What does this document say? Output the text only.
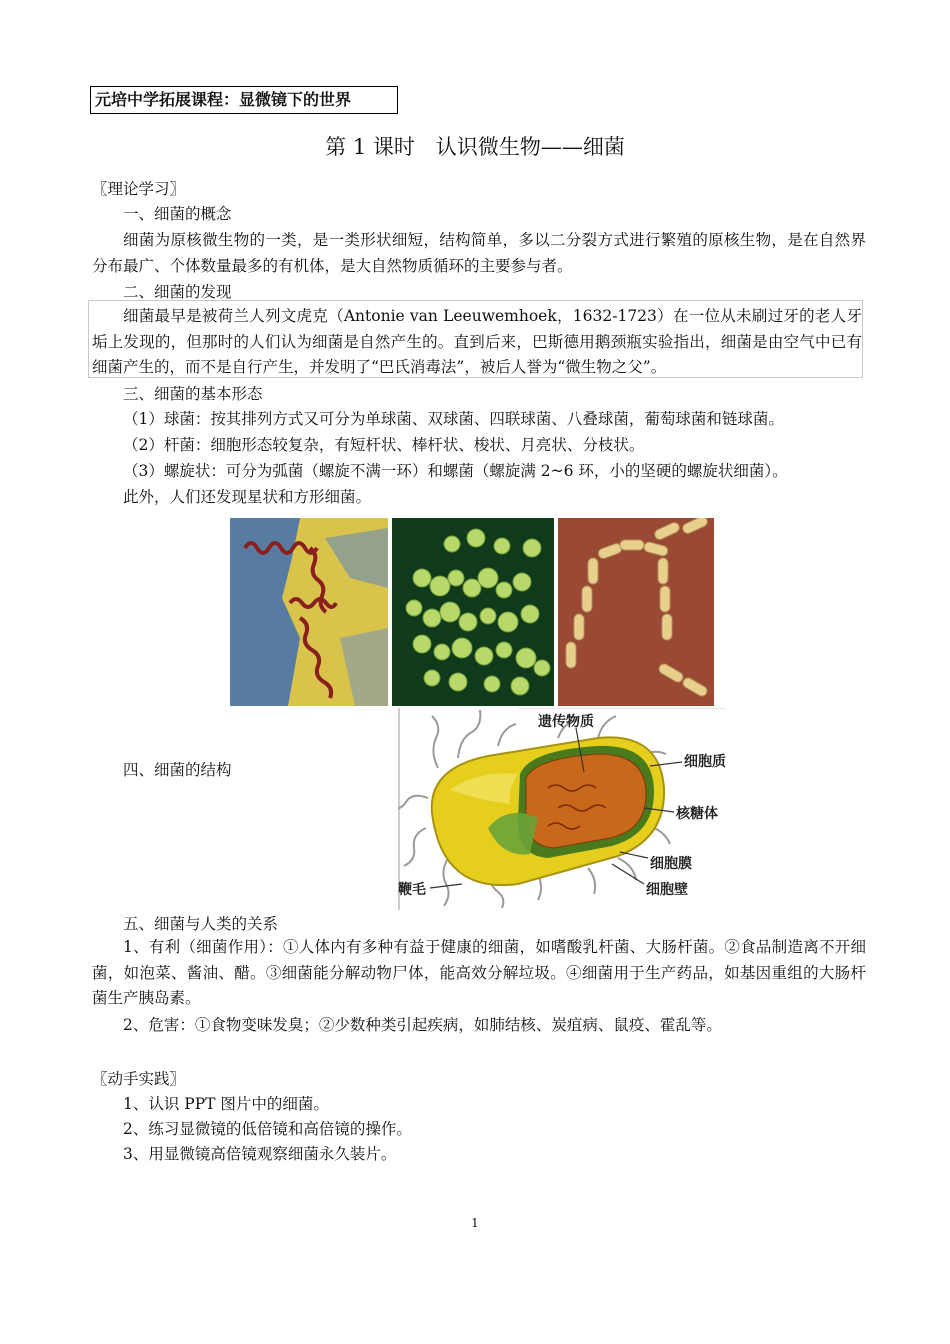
元培中学拓展课程：显微镜下的世界
第 1 课时　认识微生物——细菌
〖理论学习〗
一、细菌的概念
细菌为原核微生物的一类，是一类形状细短，结构简单，多以二分裂方式进行繁殖的原核生物，是在自然界分布最广、个体数量最多的有机体，是大自然物质循环的主要参与者。
二、细菌的发现
细菌最早是被荷兰人列文虎克（Antonie van Leeuwemhoek，1632-1723）在一位从未刷过牙的老人牙垢上发现的，但那时的人们认为细菌是自然产生的。直到后来，巴斯德用鹅颈瓶实验指出，细菌是由空气中已有细菌产生的，而不是自行产生，并发明了“巴氏消毒法”，被后人誉为“微生物之父”。
三、细菌的基本形态
（1）球菌：按其排列方式又可分为单球菌、双球菌、四联球菌、八叠球菌，葡萄球菌和链球菌。
（2）杆菌：细胞形态较复杂，有短杆状、棒杆状、梭状、月亮状、分枝状。
（3）螺旋状：可分为弧菌（螺旋不满一环）和螺菌（螺旋满 2~6 环，小的坚硬的螺旋状细菌）。
此外，人们还发现星状和方形细菌。
四、细菌的结构
遗传物质
细胞质
核糖体
细胞膜
细胞壁
鞭毛
五、细菌与人类的关系
1、有利（细菌作用）：①人体内有多种有益于健康的细菌，如嗜酸乳杆菌、大肠杆菌。②食品制造离不开细菌，如泡菜、酱油、醋。③细菌能分解动物尸体，能高效分解垃圾。④细菌用于生产药品，如基因重组的大肠杆菌生产胰岛素。
2、危害：①食物变味发臭；②少数种类引起疾病，如肺结核、炭疽病、鼠疫、霍乱等。
〖动手实践〗
1、认识 PPT 图片中的细菌。
2、练习显微镜的低倍镜和高倍镜的操作。
3、用显微镜高倍镜观察细菌永久装片。
1
